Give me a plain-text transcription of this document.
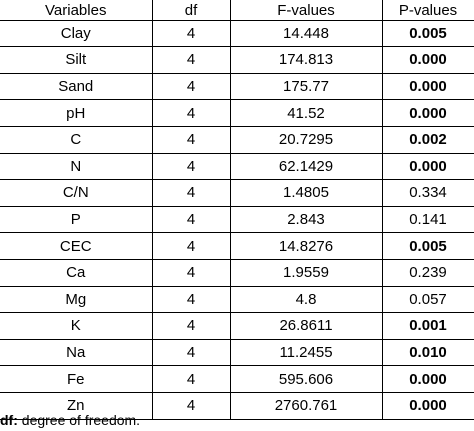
Variables	df	F-values	P-values
Clay	4	14.448	0.005
Silt	4	174.813	0.000
Sand	4	175.77	0.000
pH	4	41.52	0.000
C	4	20.7295	0.002
N	4	62.1429	0.000
C/N	4	1.4805	0.334
P	4	2.843	0.141
CEC	4	14.8276	0.005
Ca	4	1.9559	0.239
Mg	4	4.8	0.057
K	4	26.8611	0.001
Na	4	11.2455	0.010
Fe	4	595.606	0.000
Zn	4	2760.761	0.000
df: degree of freedom.
